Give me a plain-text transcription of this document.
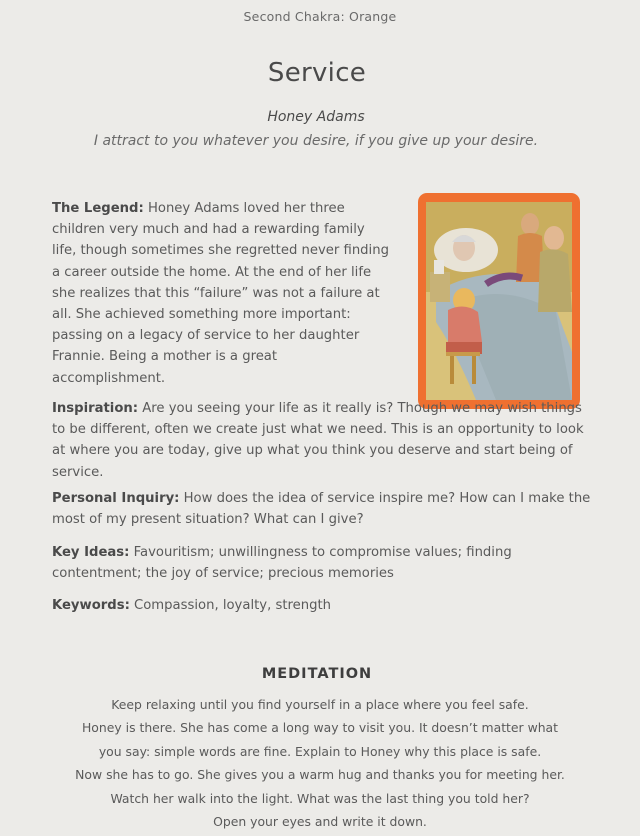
Second Chakra: Orange
Service
Honey Adams
I attract to you whatever you desire, if you give up your desire.
The Legend: Honey Adams loved her three children very much and had a rewarding family life, though sometimes she regretted never finding a career outside the home. At the end of her life she realizes that this “failure” was not a failure at all. She achieved something more important: passing on a legacy of service to her daughter Frannie. Being a mother is a great accomplishment.
Inspiration: Are you seeing your life as it really is? Though we may wish things to be different, often we create just what we need. This is an opportunity to look at where you are today, give up what you think you deserve and start being of service.
Personal Inquiry: How does the idea of service inspire me? How can I make the most of my present situation? What can I give?
Key Ideas: Favouritism; unwillingness to compromise values; finding contentment; the joy of service; precious memories
Keywords: Compassion, loyalty, strength
MEDITATION
Keep relaxing until you find yourself in a place where you feel safe.
Honey is there. She has come a long way to visit you. It doesn’t matter what
you say: simple words are fine. Explain to Honey why this place is safe.
Now she has to go. She gives you a warm hug and thanks you for meeting her.
Watch her walk into the light. What was the last thing you told her?
Open your eyes and write it down.
